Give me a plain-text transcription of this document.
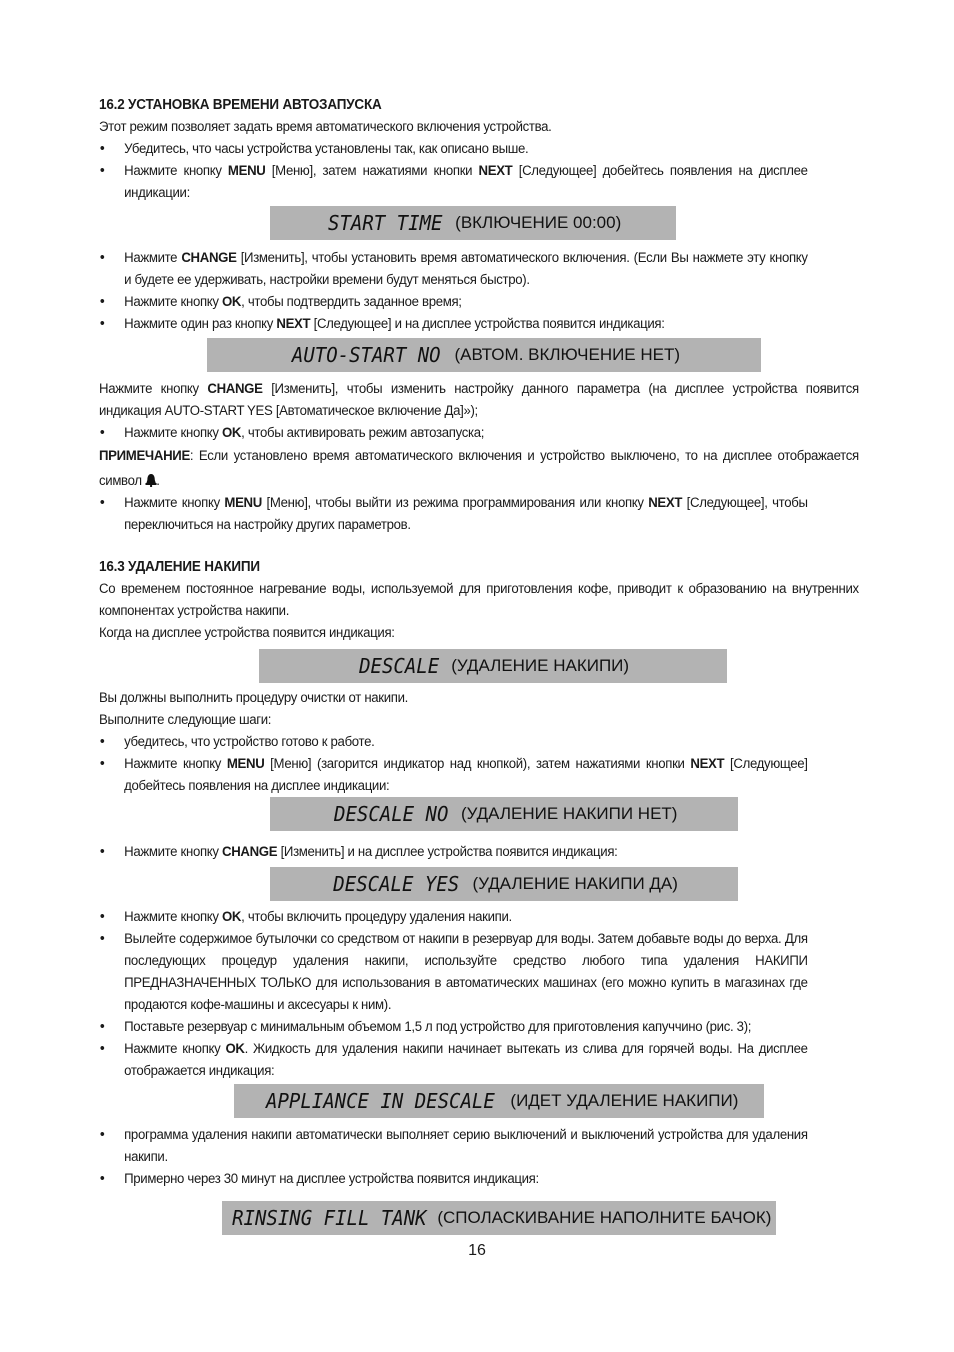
16.2 УСТАНОВКА ВРЕМЕНИ АВТОЗАПУСКА
Этот режим позволяет задать время автоматического включения устройства.
• Убедитесь, что часы устройства установлены так, как описано выше.
• Нажмите кнопку MENU [Меню], затем нажатиями кнопки NEXT [Следующее] добейтесь появления на дисплее индикации:
START TIME (ВКЛЮЧЕНИЕ 00:00)
• Нажмите CHANGE [Изменить], чтобы установить время автоматического включения. (Если Вы нажмете эту кнопку и будете ее удерживать, настройки времени будут меняться быстро).
• Нажмите кнопку OK, чтобы подтвердить заданное время;
• Нажмите один раз кнопку NEXT [Следующее] и на дисплее устройства появится индикация:
AUTO-START NO (АВТОМ. ВКЛЮЧЕНИЕ НЕТ)
Нажмите кнопку CHANGE [Изменить], чтобы изменить настройку данного параметра (на дисплее устройства появится индикация AUTO-START YES [Автоматическое включение Да]»);
• Нажмите кнопку OK, чтобы активировать режим автозапуска;
ПРИМЕЧАНИЕ: Если установлено время автоматического включения и устройство выключено, то на дисплее отображается символ .
• Нажмите кнопку MENU [Меню], чтобы выйти из режима программирования или кнопку NEXT [Следующее], чтобы переключиться на настройку других параметров.
16.3 УДАЛЕНИЕ НАКИПИ
Со временем постоянное нагревание воды, используемой для приготовления кофе, приводит к образованию на внутренних компонентах устройства накипи.
Когда на дисплее устройства появится индикация:
DESCALE (УДАЛЕНИЕ НАКИПИ)
Вы должны выполнить процедуру очистки от накипи.
Выполните следующие шаги:
• убедитесь, что устройство готово к работе.
• Нажмите кнопку MENU [Меню] (загорится индикатор над кнопкой), затем нажатиями кнопки NEXT [Следующее] добейтесь появления на дисплее индикации:
DESCALE NO (УДАЛЕНИЕ НАКИПИ НЕТ)
• Нажмите кнопку CHANGE [Изменить] и на дисплее устройства появится индикация:
DESCALE YES (УДАЛЕНИЕ НАКИПИ ДА)
• Нажмите кнопку OK, чтобы включить процедуру удаления накипи.
• Вылейте содержимое бутылочки со средством от накипи в резервуар для воды. Затем добавьте воды до верха. Для последующих процедур удаления накипи, используйте средство любого типа удаления НАКИПИ ПРЕДНАЗНАЧЕННЫХ ТОЛЬКО для использования в автоматических машинах (его можно купить в магазинах где продаются кофе-машины и аксесуары к ним).
• Поставьте резервуар с минимальным объемом 1,5 л под устройство для приготовления капуччино (рис. 3);
• Нажмите кнопку OK. Жидкость для удаления накипи начинает вытекать из слива для горячей воды. На дисплее отображается индикация:
APPLIANCE IN DESCALE (ИДЕТ УДАЛЕНИЕ НАКИПИ)
• программа удаления накипи автоматически выполняет серию выключений и выключений устройства для удаления накипи.
• Примерно через 30 минут на дисплее устройства появится индикация:
RINSING FILL TANK (СПОЛАСКИВАНИЕ НАПОЛНИТЕ БАЧОК)
16
